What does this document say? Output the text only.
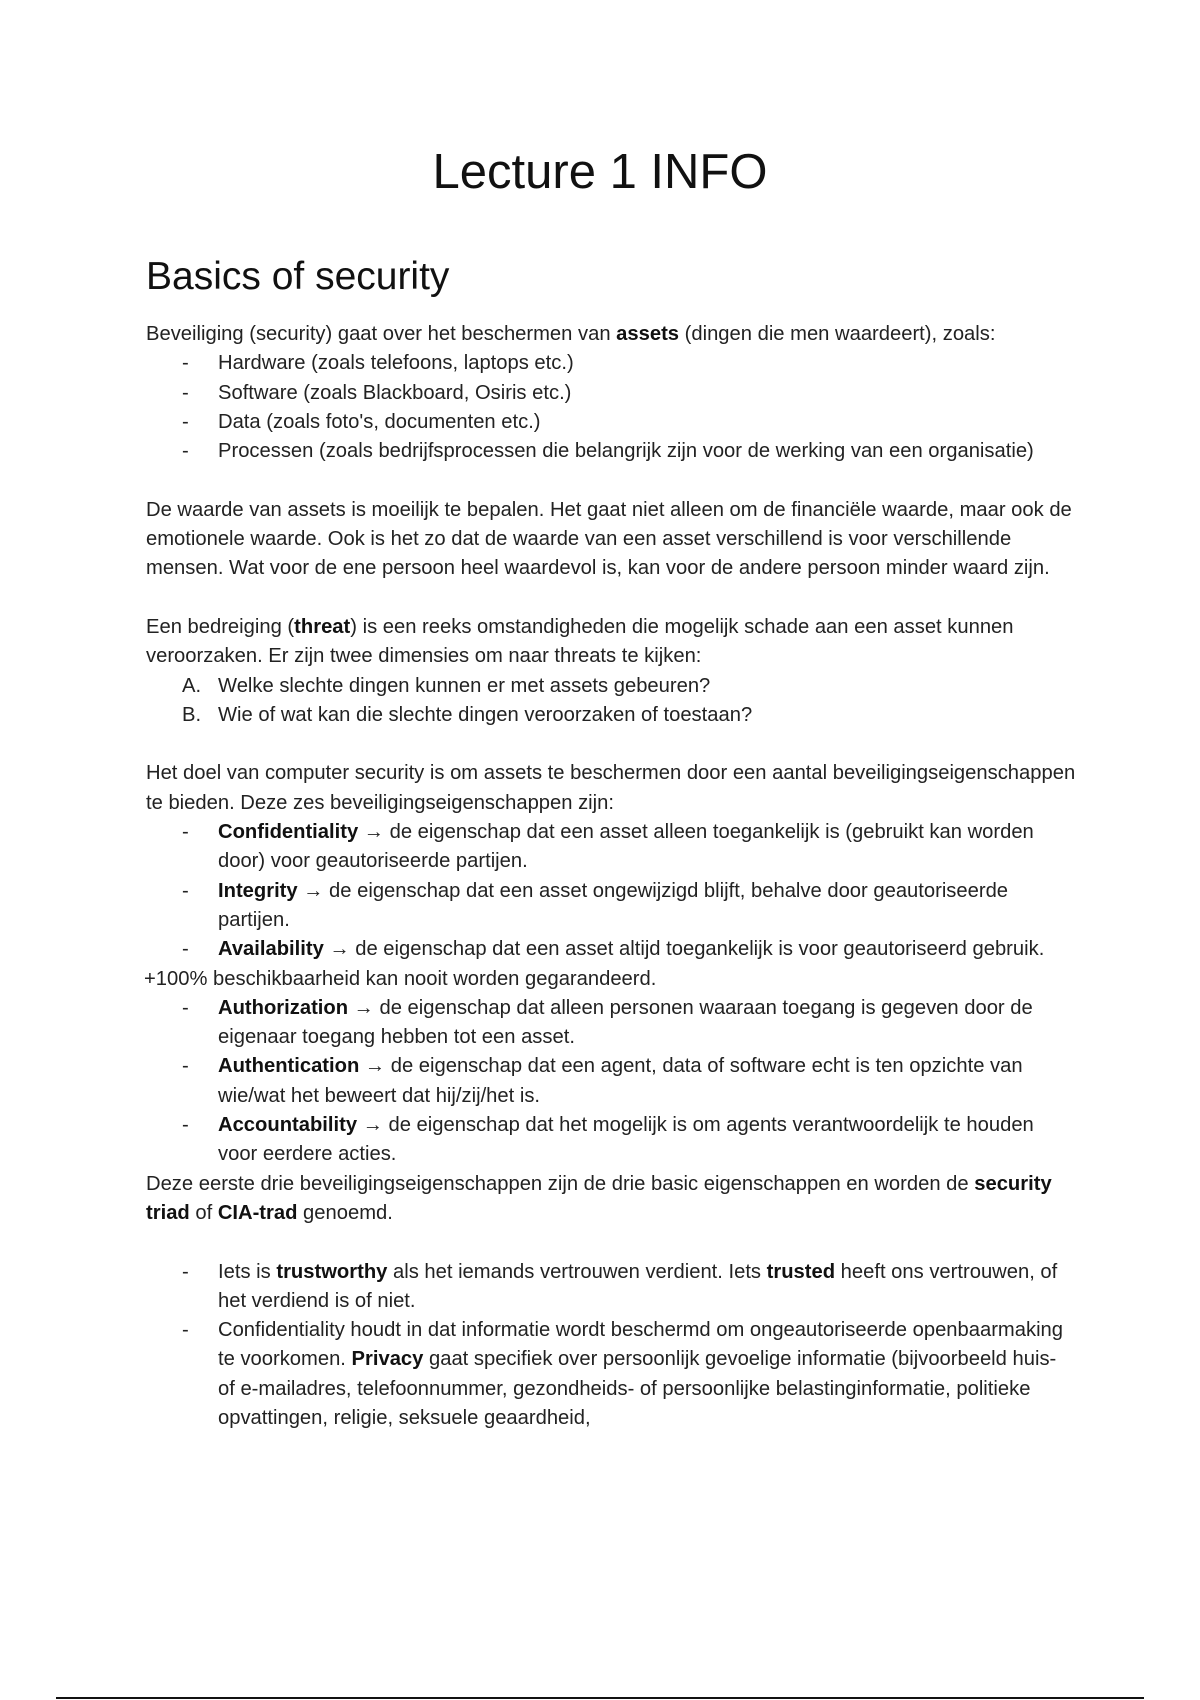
Lecture 1 INFO
Basics of security

Beveiliging (security) gaat over het beschermen van assets (dingen die men waardeert), zoals:

- Hardware (zoals telefoons, laptops etc.)
- Software (zoals Blackboard, Osiris etc.)
- Data (zoals foto's, documenten etc.)
- Processen (zoals bedrijfsprocessen die belangrijk zijn voor de werking van een organisatie)

De waarde van assets is moeilijk te bepalen. Het gaat niet alleen om de financiële waarde, maar ook de emotionele waarde. Ook is het zo dat de waarde van een asset verschillend is voor verschillende mensen. Wat voor de ene persoon heel waardevol is, kan voor de andere persoon minder waard zijn.

Een bedreiging (threat) is een reeks omstandigheden die mogelijk schade aan een asset kunnen veroorzaken. Er zijn twee dimensies om naar threats te kijken:

A. Welke slechte dingen kunnen er met assets gebeuren?
B. Wie of wat kan die slechte dingen veroorzaken of toestaan?

Het doel van computer security is om assets te beschermen door een aantal beveiligingseigenschappen te bieden. Deze zes beveiligingseigenschappen zijn:

- Confidentiality → de eigenschap dat een asset alleen toegankelijk is (gebruikt kan worden door) voor geautoriseerde partijen.
- Integrity → de eigenschap dat een asset ongewijzigd blijft, behalve door geautoriseerde partijen.
- Availability → de eigenschap dat een asset altijd toegankelijk is voor geautoriseerd gebruik.

+100% beschikbaarheid kan nooit worden gegarandeerd.

- Authorization → de eigenschap dat alleen personen waaraan toegang is gegeven door de eigenaar toegang hebben tot een asset.
- Authentication → de eigenschap dat een agent, data of software echt is ten opzichte van wie/wat het beweert dat hij/zij/het is.
- Accountability → de eigenschap dat het mogelijk is om agents verantwoordelijk te houden voor eerdere acties.

Deze eerste drie beveiligingseigenschappen zijn de drie basic eigenschappen en worden de security triad of CIA-trad genoemd.

- Iets is trustworthy als het iemands vertrouwen verdient. Iets trusted heeft ons vertrouwen, of het verdiend is of niet.
- Confidentiality houdt in dat informatie wordt beschermd om ongeautoriseerde openbaarmaking te voorkomen. Privacy gaat specifiek over persoonlijk gevoelige informatie (bijvoorbeeld huis- of e-mailadres, telefoonnummer, gezondheids- of persoonlijke belastinginformatie, politieke opvattingen, religie, seksuele geaardheid,
